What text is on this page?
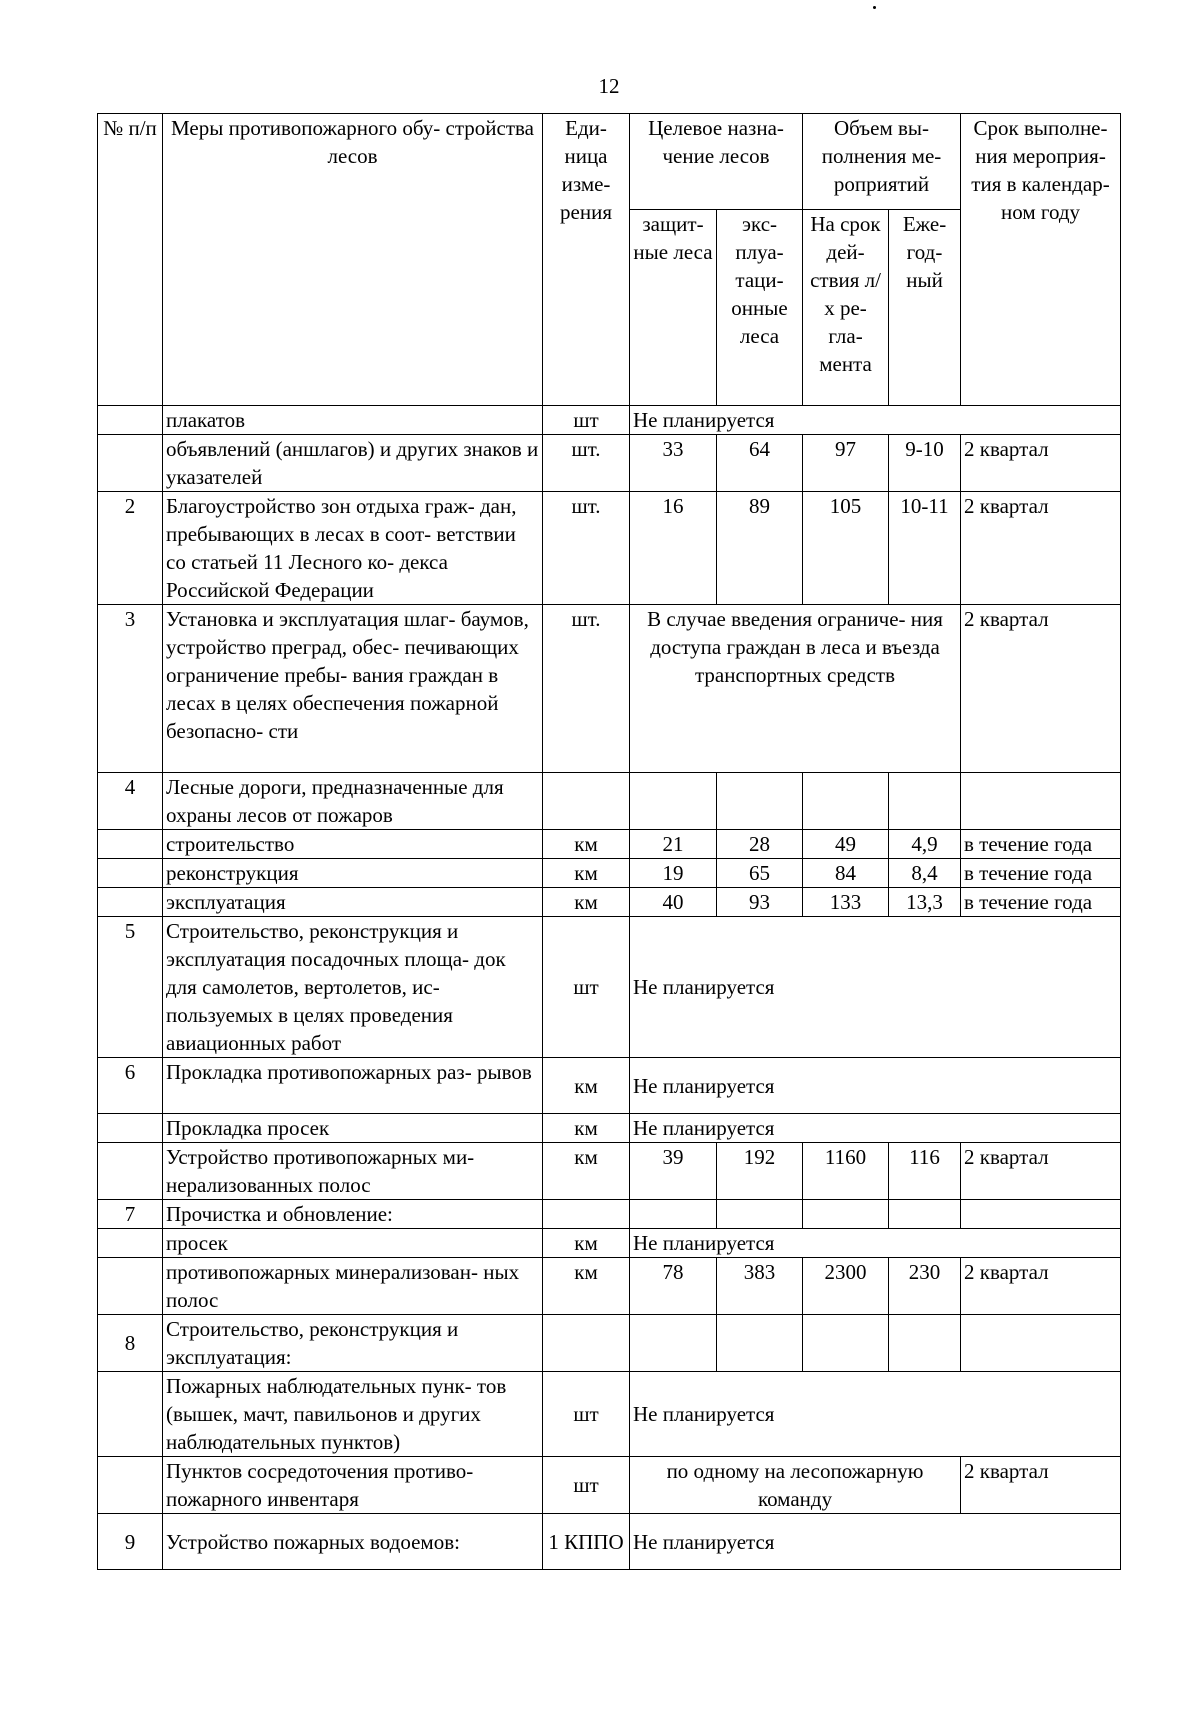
12
№ п/п	Меры противопожарного обу- стройства лесов	Еди- ница изме- рения	Целевое назна- чение лесов		Объем вы- полнения ме- роприятий		Срок выполне- ния мероприя- тия в календар- ном году
			защит- ные леса	экс- плуа- таци- онные леса	На срок дей- ствия л/х ре- гла- мента	Еже- год- ный	
	плакатов	шт	Не планируется				
	объявлений (аншлагов) и других знаков и указателей	шт.	33	64	97	9-10	2 квартал
2	Благоустройство зон отдыха граж- дан, пребывающих в лесах в соот- ветствии со статьей 11 Лесного ко- декса Российской Федерации	шт.	16	89	105	10-11	2 квартал
3	Установка и эксплуатация шлаг- баумов, устройство преград, обес- печивающих ограничение пребы- вания граждан в лесах в целях обеспечения пожарной безопасно- сти	шт.	В случае введения ограниче- ния доступа граждан в леса и въезда транспортных средств				2 квартал
4	Лесные дороги, предназначенные для охраны лесов от пожаров						
	строительство	км	21	28	49	4,9	в течение года
	реконструкция	км	19	65	84	8,4	в течение года
	эксплуатация	км	40	93	133	13,3	в течение года
5	Строительство, реконструкция и эксплуатация посадочных площа- док для самолетов, вертолетов, ис- пользуемых в целях проведения авиационных работ	шт	Не планируется				
6	Прокладка противопожарных раз- рывов	км	Не планируется				
	Прокладка просек	км	Не планируется				
	Устройство противопожарных ми- нерализованных полос	км	39	192	1160	116	2 квартал
7	Прочистка и обновление:						
	просек	км	Не планируется				
	противопожарных минерализован- ных полос	км	78	383	2300	230	2 квартал
8	Строительство, реконструкция и эксплуатация:						
	Пожарных наблюдательных пунк- тов (вышек, мачт, павильонов и других наблюдательных пунктов)	шт	Не планируется				
	Пунктов сосредоточения противо- пожарного инвентаря	шт	по одному на лесопожарную команду				2 квартал
9	Устройство пожарных водоемов:	1 КППО	Не планируется				
